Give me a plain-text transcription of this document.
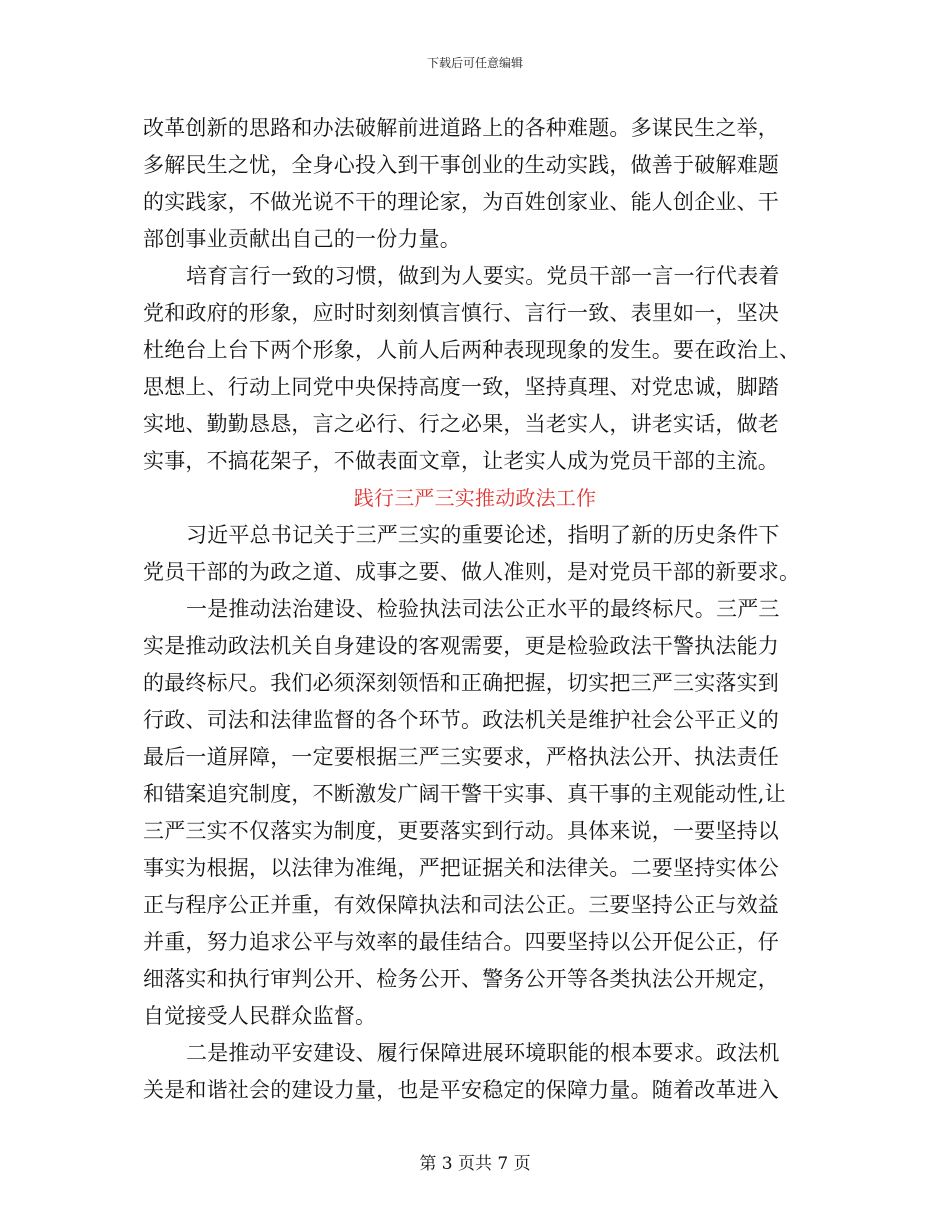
下载后可任意编辑
改革创新的思路和办法破解前进道路上的各种难题。多谋民生之举，
多解民生之忧，全身心投入到干事创业的生动实践，做善于破解难题
的实践家，不做光说不干的理论家，为百姓创家业、能人创企业、干
部创事业贡献出自己的一份力量。
培育言行一致的习惯，做到为人要实。党员干部一言一行代表着
党和政府的形象，应时时刻刻慎言慎行、言行一致、表里如一，坚决
杜绝台上台下两个形象，人前人后两种表现现象的发生。要在政治上、
思想上、行动上同党中央保持高度一致，坚持真理、对党忠诚，脚踏
实地、勤勤恳恳，言之必行、行之必果，当老实人，讲老实话，做老
实事，不搞花架子，不做表面文章，让老实人成为党员干部的主流。
践行三严三实推动政法工作
习近平总书记关于三严三实的重要论述，指明了新的历史条件下
党员干部的为政之道、成事之要、做人准则，是对党员干部的新要求。
一是推动法治建设、检验执法司法公正水平的最终标尺。三严三
实是推动政法机关自身建设的客观需要，更是检验政法干警执法能力
的最终标尺。我们必须深刻领悟和正确把握，切实把三严三实落实到
行政、司法和法律监督的各个环节。政法机关是维护社会公平正义的
最后一道屏障，一定要根据三严三实要求，严格执法公开、执法责任
和错案追究制度，不断激发广阔干警干实事、真干事的主观能动性,让
三严三实不仅落实为制度，更要落实到行动。具体来说，一要坚持以
事实为根据，以法律为准绳，严把证据关和法律关。二要坚持实体公
正与程序公正并重，有效保障执法和司法公正。三要坚持公正与效益
并重，努力追求公平与效率的最佳结合。四要坚持以公开促公正，仔
细落实和执行审判公开、检务公开、警务公开等各类执法公开规定，
自觉接受人民群众监督。
二是推动平安建设、履行保障进展环境职能的根本要求。政法机
关是和谐社会的建设力量，也是平安稳定的保障力量。随着改革进入
第 3 页共 7 页
